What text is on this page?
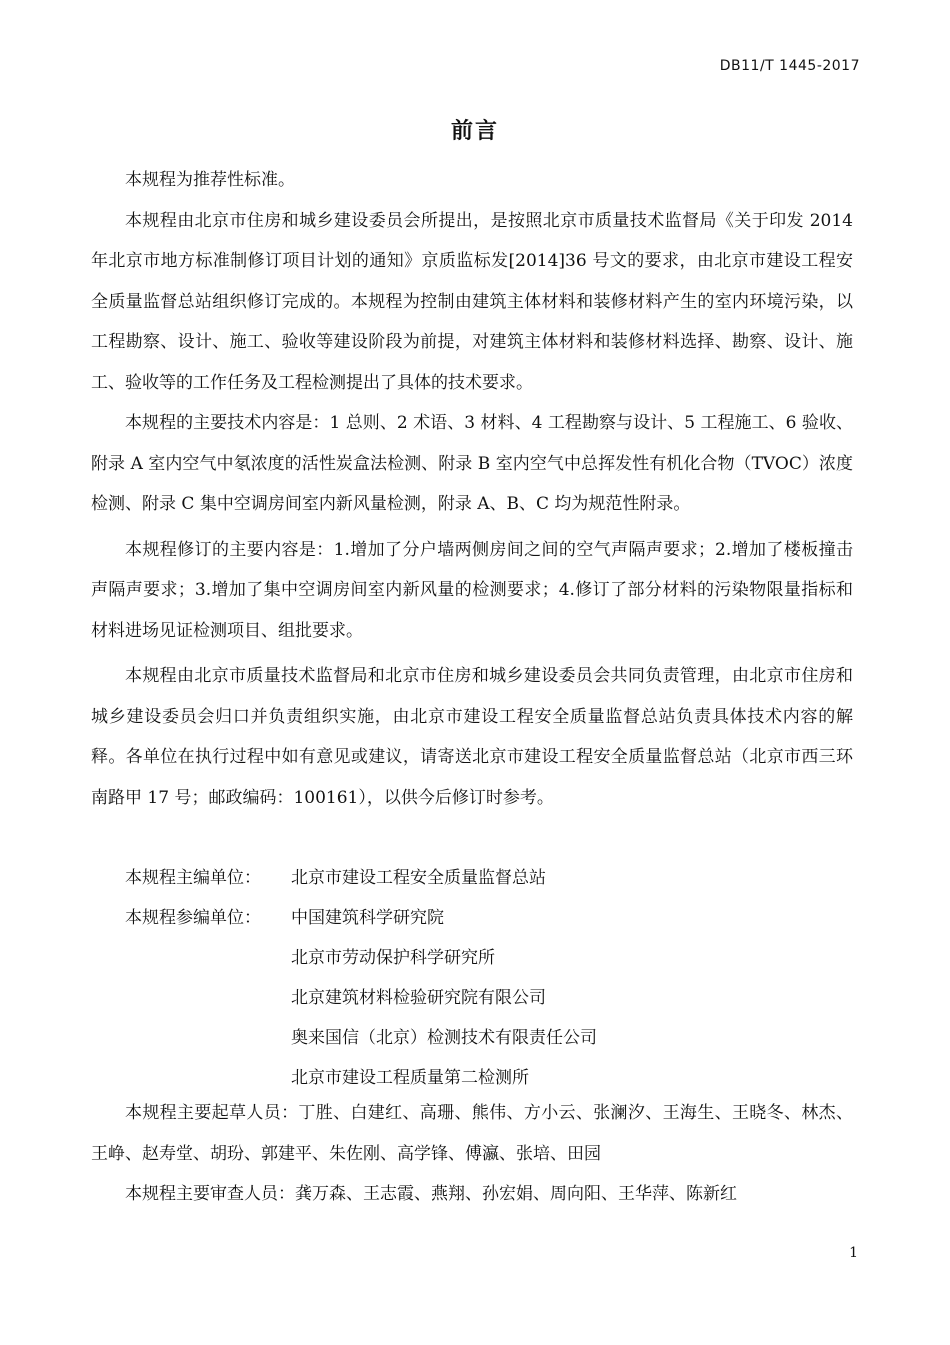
DB11/T 1445-2017
前言

本规程为推荐性标准。

本规程由北京市住房和城乡建设委员会所提出，是按照北京市质量技术监督局《关于印发 2014 年北京市地方标准制修订项目计划的通知》京质监标发[2014]36 号文的要求，由北京市建设工程安全质量监督总站组织修订完成的。本规程为控制由建筑主体材料和装修材料产生的室内环境污染，以工程勘察、设计、施工、验收等建设阶段为前提，对建筑主体材料和装修材料选择、勘察、设计、施工、验收等的工作任务及工程检测提出了具体的技术要求。

本规程的主要技术内容是：1 总则、2 术语、3 材料、4 工程勘察与设计、5 工程施工、6 验收、附录 A 室内空气中氡浓度的活性炭盒法检测、附录 B 室内空气中总挥发性有机化合物（TVOC）浓度检测、附录 C 集中空调房间室内新风量检测，附录 A、B、C 均为规范性附录。

本规程修订的主要内容是：1.增加了分户墙两侧房间之间的空气声隔声要求；2.增加了楼板撞击声隔声要求；3.增加了集中空调房间室内新风量的检测要求；4.修订了部分材料的污染物限量指标和材料进场见证检测项目、组批要求。

本规程由北京市质量技术监督局和北京市住房和城乡建设委员会共同负责管理，由北京市住房和城乡建设委员会归口并负责组织实施，由北京市建设工程安全质量监督总站负责具体技术内容的解释。各单位在执行过程中如有意见或建议，请寄送北京市建设工程安全质量监督总站（北京市西三环南路甲 17 号；邮政编码：100161），以供今后修订时参考。

本规程主编单位：	北京市建设工程安全质量监督总站
本规程参编单位：	中国建筑科学研究院
北京市劳动保护科学研究所
北京建筑材料检验研究院有限公司
奥来国信（北京）检测技术有限责任公司
北京市建设工程质量第二检测所

本规程主要起草人员：丁胜、白建红、高珊、熊伟、方小云、张澜汐、王海生、王晓冬、林杰、王峥、赵寿堂、胡玢、郭建平、朱佐刚、高学锋、傅瀛、张培、田园

本规程主要审查人员：龚万森、王志霞、燕翔、孙宏娟、周向阳、王华萍、陈新红

1
